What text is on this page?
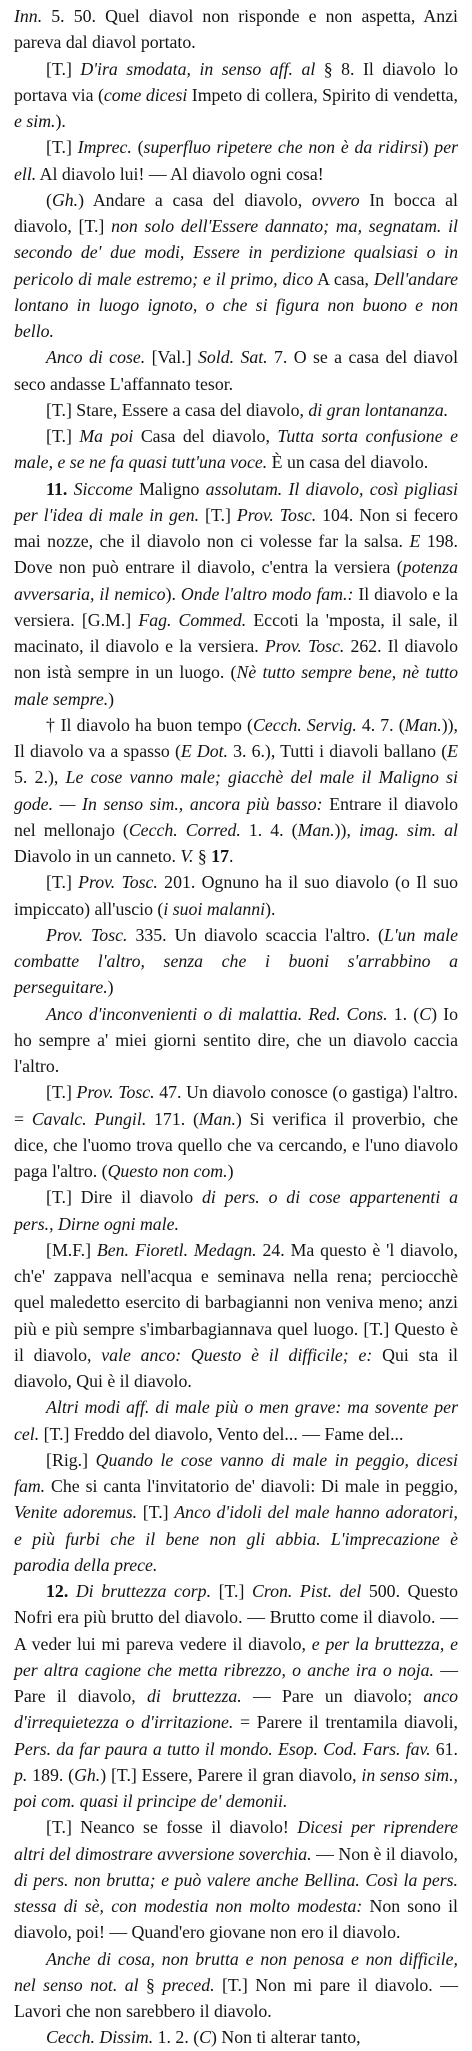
Inn. 5. 50. Quel diavol non risponde e non aspetta, Anzi pareva dal diavol portato.

[T.] D'ira smodata, in senso aff. al § 8. Il diavolo lo portava via (come dicesi Impeto di collera, Spirito di vendetta, e sim.).

[T.] Imprec. (superfluo ripetere che non è da ridirsi) per ell. Al diavolo lui! — Al diavolo ogni cosa!

(Gh.) Andare a casa del diavolo, ovvero In bocca al diavolo, [T.] non solo dell'Essere dannato; ma, segnatam. il secondo de' due modi, Essere in perdizione qualsiasi o in pericolo di male estremo; e il primo, dico A casa, Dell'andare lontano in luogo ignoto, o che si figura non buono e non bello.

Anco di cose. [Val.] Sold. Sat. 7. O se a casa del diavol seco andasse L'affannato tesor.

[T.] Stare, Essere a casa del diavolo, di gran lontananza.

[T.] Ma poi Casa del diavolo, Tutta sorta confusione e male, e se ne fa quasi tutt'una voce. È un casa del diavolo.

11. Siccome Maligno assolutam. Il diavolo, così pigliasi per l'idea di male in gen. [T.] Prov. Tosc. 104. Non si fecero mai nozze, che il diavolo non ci volesse far la salsa. E 198. Dove non può entrare il diavolo, c'entra la versiera (potenza avversaria, il nemico). Onde l'altro modo fam.: Il diavolo e la versiera. [G.M.] Fag. Commed. Eccoti la 'mposta, il sale, il macinato, il diavolo e la versiera. Prov. Tosc. 262. Il diavolo non istà sempre in un luogo. (Nè tutto sempre bene, nè tutto male sempre.)

† Il diavolo ha buon tempo (Cecch. Servig. 4. 7. (Man.)), Il diavolo va a spasso (E Dot. 3. 6.), Tutti i diavoli ballano (E 5. 2.), Le cose vanno male; giacchè del male il Maligno si gode. — In senso sim., ancora più basso: Entrare il diavolo nel mellonajo (Cecch. Corred. 1. 4. (Man.)), imag. sim. al Diavolo in un canneto. V. § 17.

[T.] Prov. Tosc. 201. Ognuno ha il suo diavolo (o Il suo impiccato) all'uscio (i suoi malanni).

Prov. Tosc. 335. Un diavolo scaccia l'altro. (L'un male combatte l'altro, senza che i buoni s'arrabbino a perseguitare.)

Anco d'inconvenienti o di malattia. Red. Cons. 1. (C) Io ho sempre a' miei giorni sentito dire, che un diavolo caccia l'altro.

[T.] Prov. Tosc. 47. Un diavolo conosce (o gastiga) l'altro. = Cavalc. Pungil. 171. (Man.) Si verifica il proverbio, che dice, che l'uomo trova quello che va cercando, e l'uno diavolo paga l'altro. (Questo non com.)

[T.] Dire il diavolo di pers. o di cose appartenenti a pers., Dirne ogni male.

[M.F.] Ben. Fioretl. Medagn. 24. Ma questo è 'l diavolo, ch'e' zappava nell'acqua e seminava nella rena; perciocchè quel maledetto esercito di barbagianni non veniva meno; anzi più e più sempre s'imbarbagiannava quel luogo. [T.] Questo è il diavolo, vale anco: Questo è il difficile; e: Qui sta il diavolo, Qui è il diavolo.

Altri modi aff. di male più o men grave: ma sovente per cel. [T.] Freddo del diavolo, Vento del... — Fame del...

[Rig.] Quando le cose vanno di male in peggio, dicesi fam. Che si canta l'invitatorio de' diavoli: Di male in peggio, Venite adoremus. [T.] Anco d'idoli del male hanno adoratori, e più furbi che il bene non gli abbia. L'imprecazione è parodia della prece.

12. Di bruttezza corp. [T.] Cron. Pist. del 500. Questo Nofri era più brutto del diavolo. — Brutto come il diavolo. — A veder lui mi pareva vedere il diavolo, e per la bruttezza, e per altra cagione che metta ribrezzo, o anche ira o noja. — Pare il diavolo, di bruttezza. — Pare un diavolo; anco d'irrequietezza o d'irritazione. = Parere il trentamila diavoli, Pers. da far paura a tutto il mondo. Esop. Cod. Fars. fav. 61. p. 189. (Gh.) [T.] Essere, Parere il gran diavolo, in senso sim., poi com. quasi il principe de' demonii.

[T.] Neanco se fosse il diavolo! Dicesi per riprendere altri del dimostrare avversione soverchia. — Non è il diavolo, di pers. non brutta; e può valere anche Bellina. Così la pers. stessa di sè, con modestia non molto modesta: Non sono il diavolo, poi! — Quand'ero giovane non ero il diavolo.

Anche di cosa, non brutta e non penosa e non difficile, nel senso not. al § preced. [T.] Non mi pare il diavolo. — Lavori che non sarebbero il diavolo.

Cecch. Dissim. 1. 2. (C) Non ti alterar tanto,
